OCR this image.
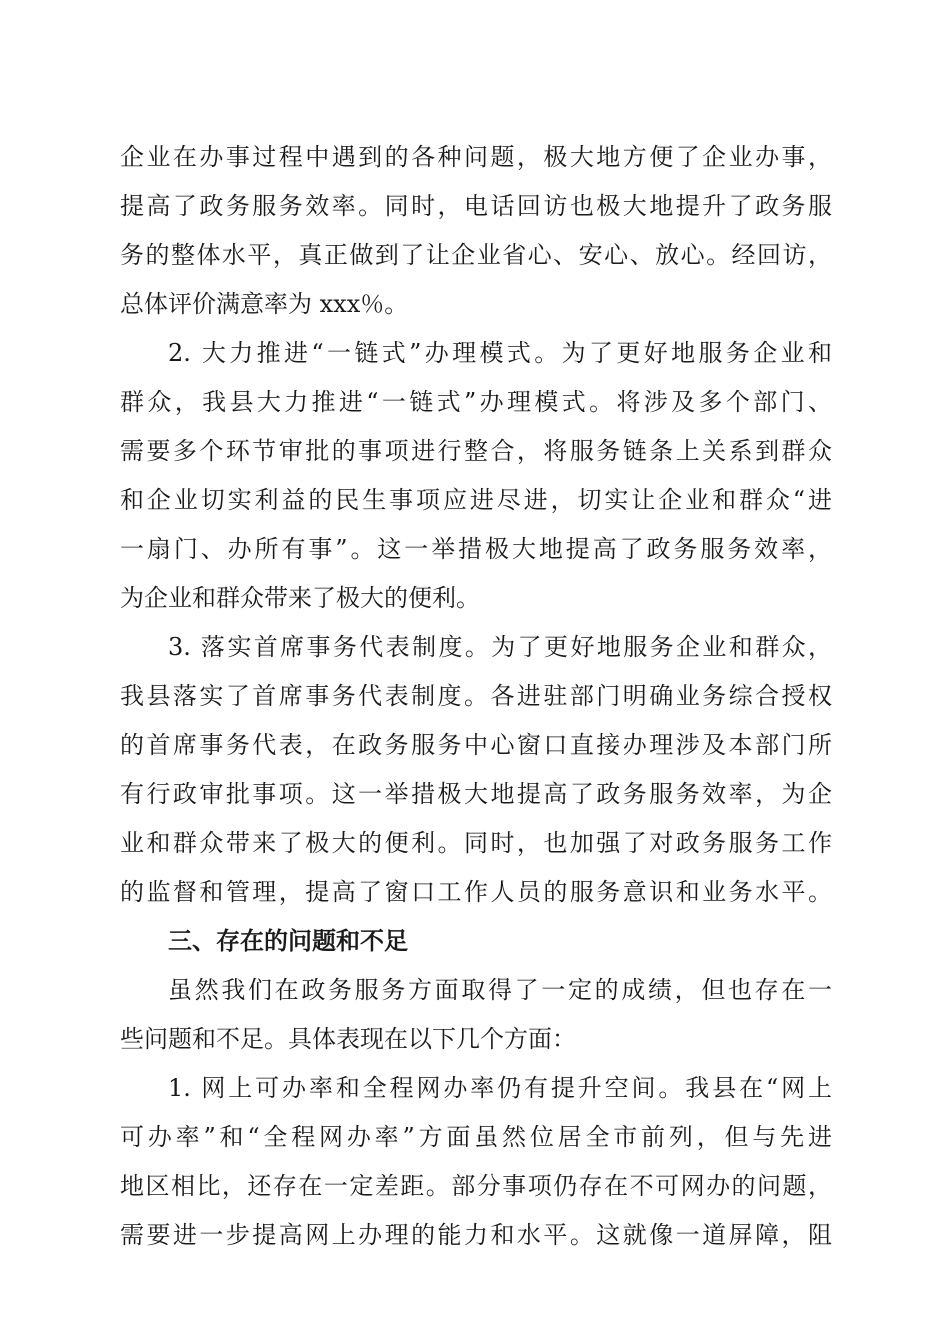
企业在办事过程中遇到的各种问题，极大地方便了企业办事，
提高了政务服务效率。同时，电话回访也极大地提升了政务服
务的整体水平，真正做到了让企业省心、安心、放心。经回访，
总体评价满意率为 xxx％。
2. 大力推进“一链式”办理模式。为了更好地服务企业和
群众，我县大力推进“一链式”办理模式。将涉及多个部门、
需要多个环节审批的事项进行整合，将服务链条上关系到群众
和企业切实利益的民生事项应进尽进，切实让企业和群众“进
一扇门、办所有事”。这一举措极大地提高了政务服务效率，
为企业和群众带来了极大的便利。
3. 落实首席事务代表制度。为了更好地服务企业和群众，
我县落实了首席事务代表制度。各进驻部门明确业务综合授权
的首席事务代表，在政务服务中心窗口直接办理涉及本部门所
有行政审批事项。这一举措极大地提高了政务服务效率，为企
业和群众带来了极大的便利。同时，也加强了对政务服务工作
的监督和管理，提高了窗口工作人员的服务意识和业务水平。
三、存在的问题和不足
虽然我们在政务服务方面取得了一定的成绩，但也存在一
些问题和不足。具体表现在以下几个方面：
1. 网上可办率和全程网办率仍有提升空间。我县在“网上
可办率”和“全程网办率”方面虽然位居全市前列，但与先进
地区相比，还存在一定差距。部分事项仍存在不可网办的问题，
需要进一步提高网上办理的能力和水平。这就像一道屏障，阻
